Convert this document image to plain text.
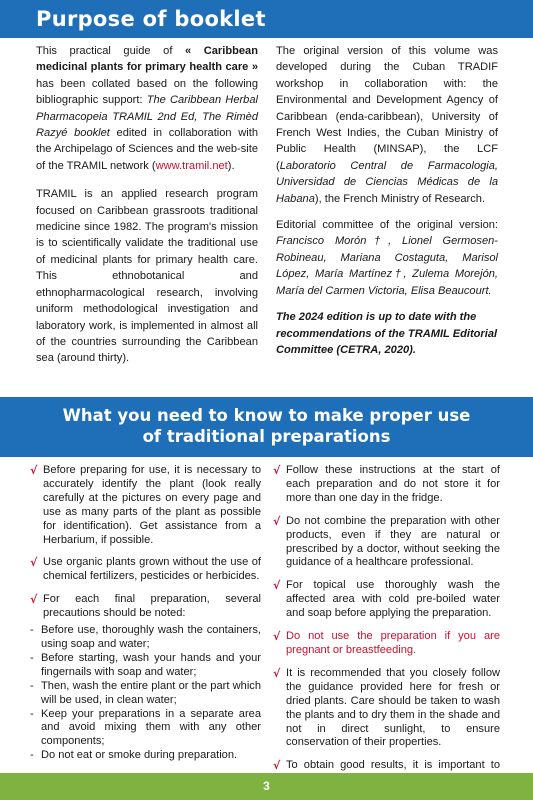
Purpose of booklet

This practical guide of « Caribbean medicinal plants for primary health care » has been collated based on the following bibliographic support: The Caribbean Herbal Pharmacopeia TRAMIL 2nd Ed, The Rimèd Razyé booklet edited in collaboration with the Archipelago of Sciences and the web-site of the TRAMIL network (www.tramil.net).

TRAMIL is an applied research program focused on Caribbean grassroots traditional medicine since 1982. The program's mission is to scientifically validate the traditional use of medicinal plants for primary health care. This ethnobotanical and ethnopharmacological research, involving uniform methodological investigation and laboratory work, is implemented in almost all of the countries surrounding the Caribbean sea (around thirty).

The original version of this volume was developed during the Cuban TRADIF workshop in collaboration with: the Environmental and Development Agency of Caribbean (enda-caribbean), University of French West Indies, the Cuban Ministry of Public Health (MINSAP), the LCF (Laboratorio Central de Farmacologia, Universidad de Ciencias Médicas de la Habana), the French Ministry of Research.

Editorial committee of the original version: Francisco Morón†, Lionel Germosen-Robineau, Mariana Costaguta, Marisol López, María Martínez†, Zulema Morejón, María del Carmen Victoria, Elisa Beaucourt.

The 2024 edition is up to date with the recommendations of the TRAMIL Editorial Committee (CETRA, 2020).

What you need to know to make proper use
of traditional preparations
√ Before preparing for use, it is necessary to accurately identify the plant (look really carefully at the pictures on every page and use as many parts of the plant as possible for identification). Get assistance from a Herbarium, if possible.
√ Use organic plants grown without the use of chemical fertilizers, pesticides or herbicides.
√ For each final preparation, several precautions should be noted:
- Before use, thoroughly wash the containers, using soap and water;
- Before starting, wash your hands and your fingernails with soap and water;
- Then, wash the entire plant or the part which will be used, in clean water;
- Keep your preparations in a separate area and avoid mixing them with any other components;
- Do not eat or smoke during preparation.
√ Follow these instructions at the start of each preparation and do not store it for more than one day in the fridge.
√ Do not combine the preparation with other products, even if they are natural or prescribed by a doctor, without seeking the guidance of a healthcare professional.
√ For topical use thoroughly wash the affected area with cold pre-boiled water and soap before applying the preparation.
√ Do not use the preparation if you are pregnant or breastfeeding.
√ It is recommended that you closely follow the guidance provided here for fresh or dried plants. Care should be taken to wash the plants and to dry them in the shade and not in direct sunlight, to ensure conservation of their properties.
√ To obtain good results, it is important to
3
